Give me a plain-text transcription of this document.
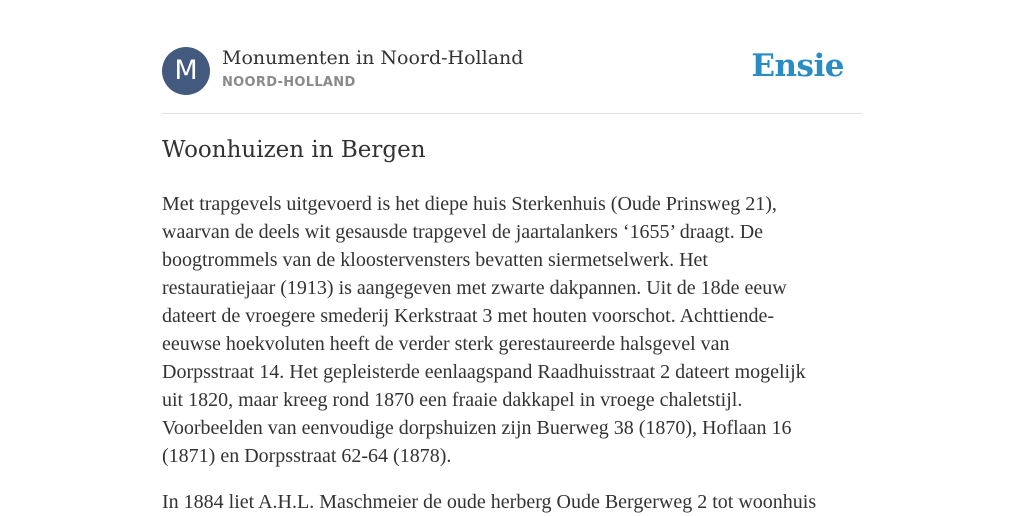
M	Monumenten in Noord-Holland
NOORD-HOLLAND	Ensie
Woonhuizen in Bergen

Met trapgevels uitgevoerd is het diepe huis Sterkenhuis (Oude Prinsweg 21),
waarvan de deels wit gesausde trapgevel de jaartalankers ‘1655’ draagt. De
boogtrommels van de kloostervensters bevatten siermetselwerk. Het
restauratiejaar (1913) is aangegeven met zwarte dakpannen. Uit de 18de eeuw
dateert de vroegere smederij Kerkstraat 3 met houten voorschot. Achttiende-
eeuwse hoekvoluten heeft de verder sterk gerestaureerde halsgevel van
Dorpsstraat 14. Het gepleisterde eenlaagspand Raadhuisstraat 2 dateert mogelijk
uit 1820, maar kreeg rond 1870 een fraaie dakkapel in vroege chaletstijl.
Voorbeelden van eenvoudige dorpshuizen zijn Buerweg 38 (1870), Hoflaan 16
(1871) en Dorpsstraat 62-64 (1878).

In 1884 liet A.H.L. Maschmeier de oude herberg Oude Bergerweg 2 tot woonhuis
